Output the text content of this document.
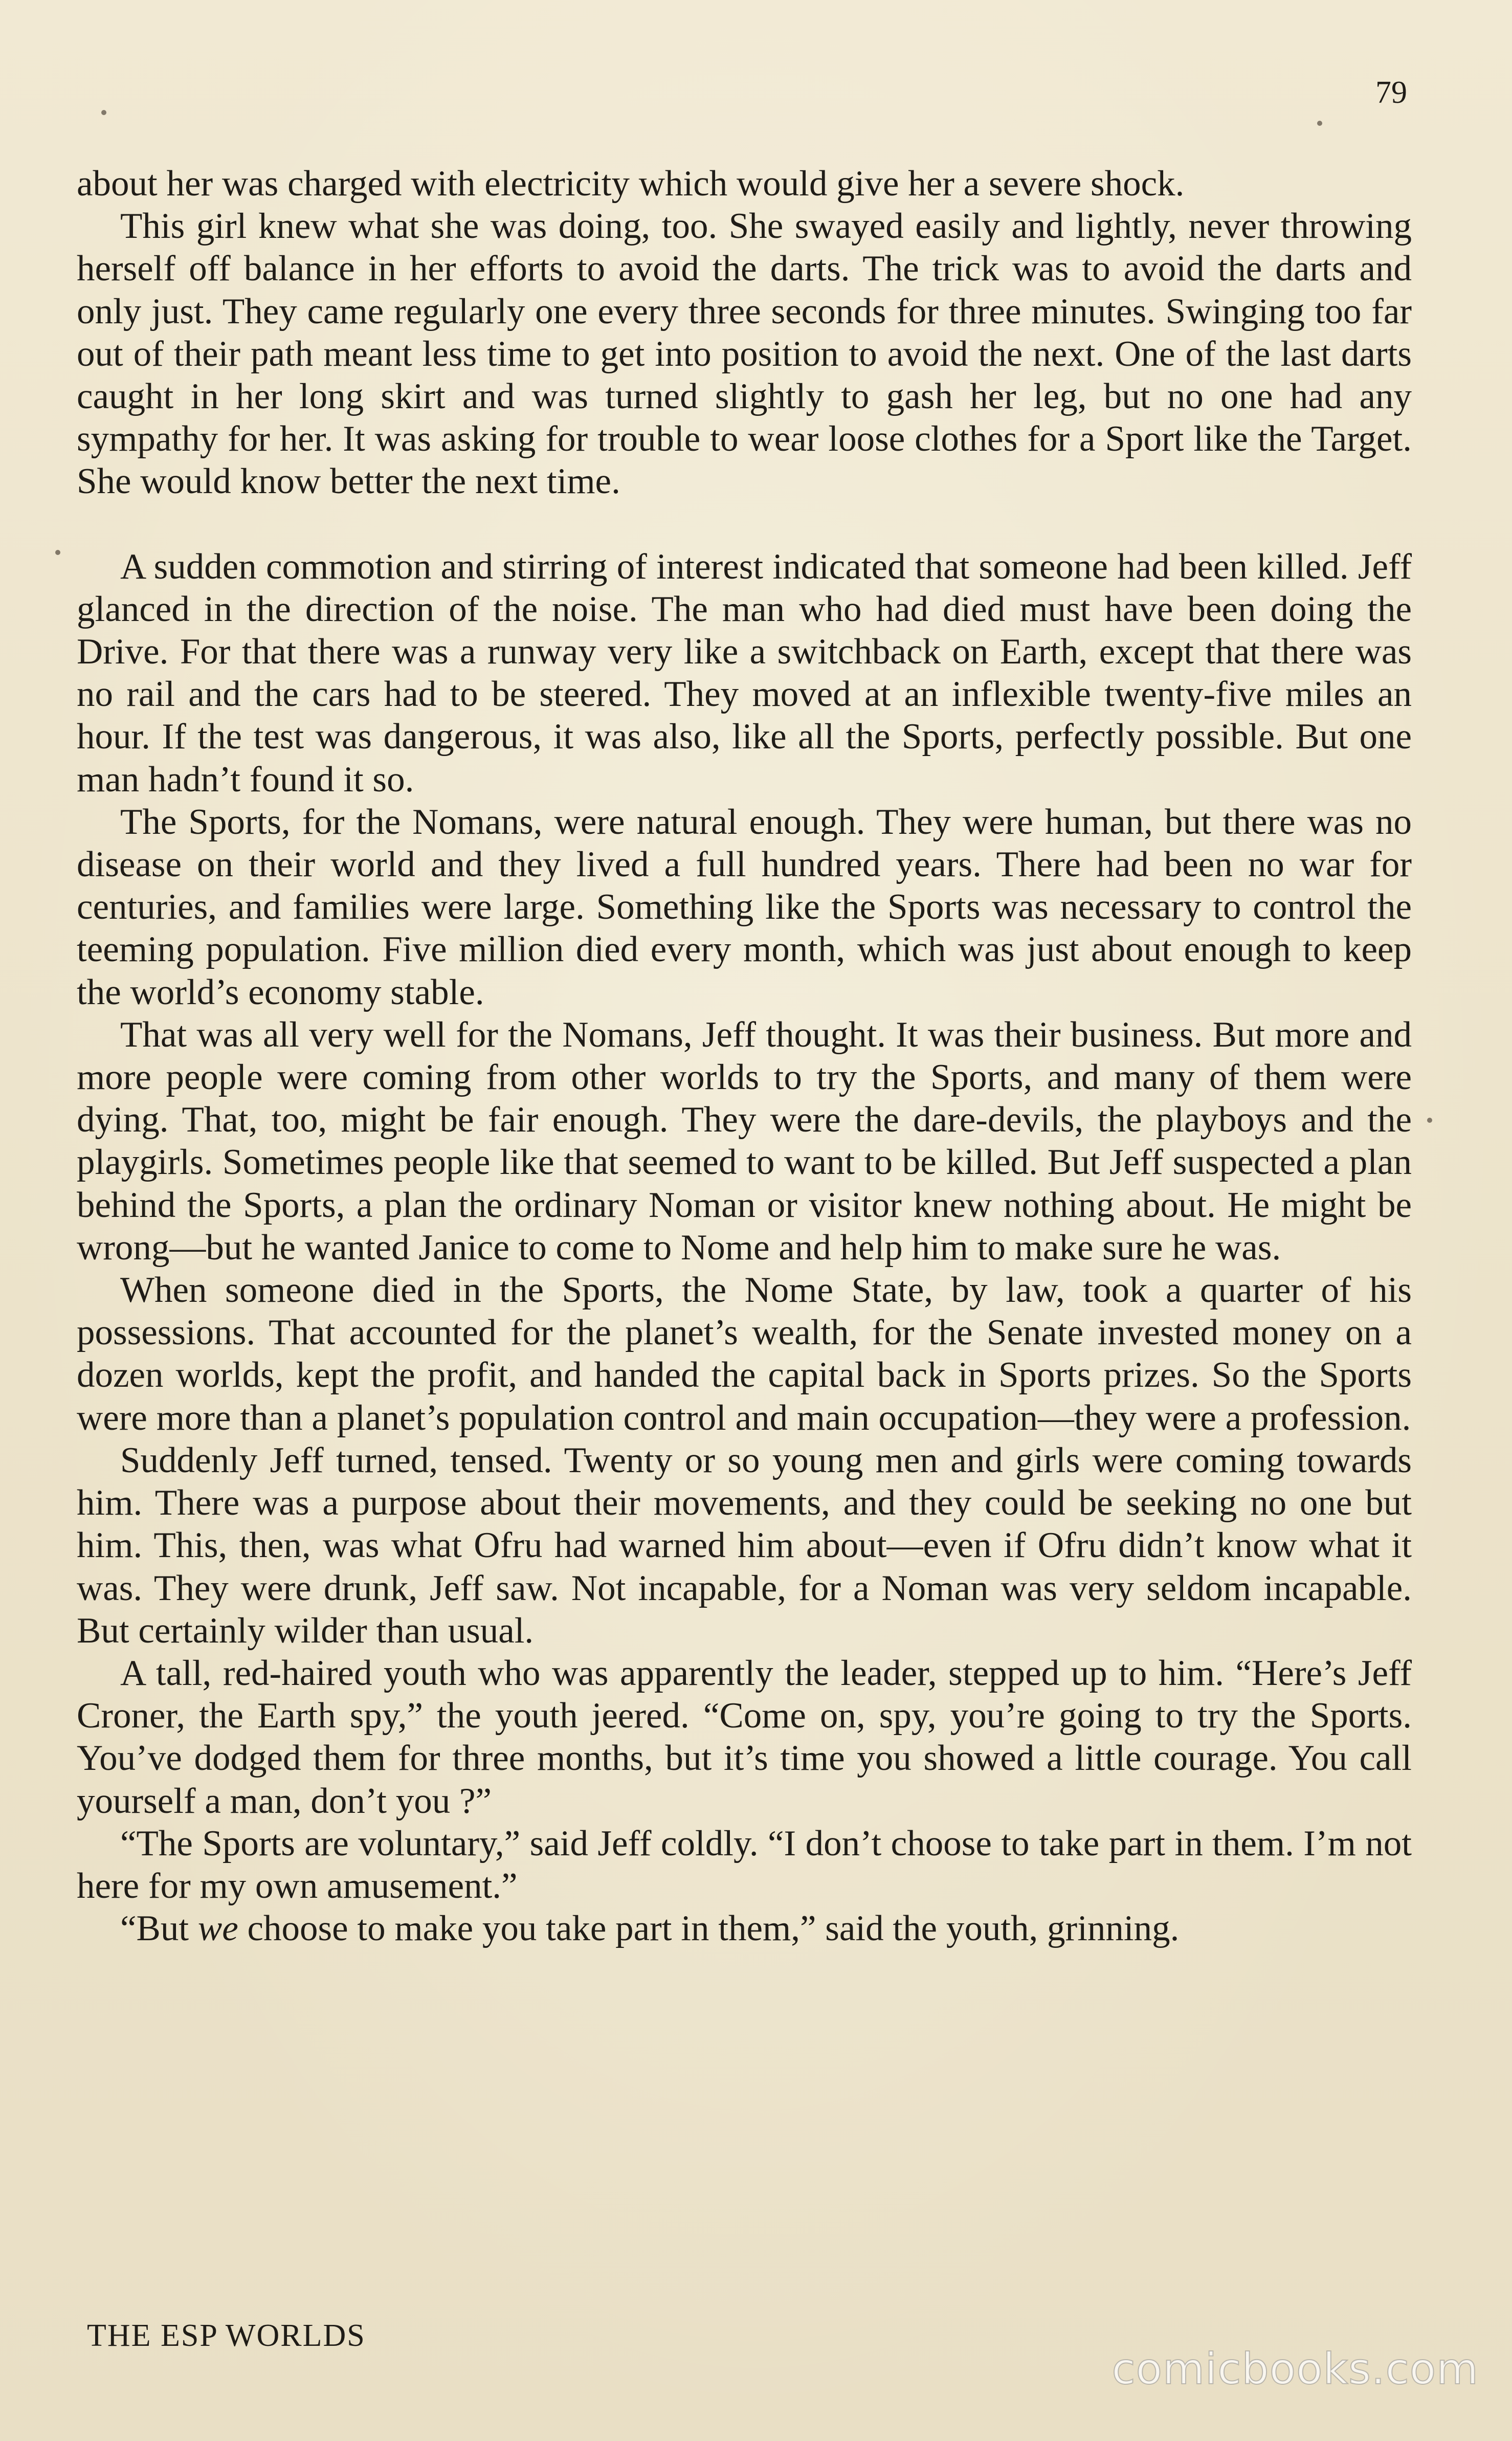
79

about her was charged with electricity which would give her a severe shock.

This girl knew what she was doing, too. She swayed easily and lightly, never throwing herself off balance in her efforts to avoid the darts. The trick was to avoid the darts and only just. They came regularly one every three seconds for three minutes. Swinging too far out of their path meant less time to get into position to avoid the next. One of the last darts caught in her long skirt and was turned slightly to gash her leg, but no one had any sympathy for her. It was asking for trouble to wear loose clothes for a Sport like the Target. She would know better the next time.

A sudden commotion and stirring of interest indicated that someone had been killed. Jeff glanced in the direction of the noise. The man who had died must have been doing the Drive. For that there was a runway very like a switchback on Earth, except that there was no rail and the cars had to be steered. They moved at an inflexible twenty-five miles an hour. If the test was dangerous, it was also, like all the Sports, perfectly possible. But one man hadn’t found it so.

The Sports, for the Nomans, were natural enough. They were human, but there was no disease on their world and they lived a full hundred years. There had been no war for centuries, and families were large. Something like the Sports was necessary to control the teeming population. Five million died every month, which was just about enough to keep the world’s economy stable.

That was all very well for the Nomans, Jeff thought. It was their business. But more and more people were coming from other worlds to try the Sports, and many of them were dying. That, too, might be fair enough. They were the dare-devils, the playboys and the playgirls. Sometimes people like that seemed to want to be killed. But Jeff suspected a plan behind the Sports, a plan the ordinary Noman or visitor knew nothing about. He might be wrong—but he wanted Janice to come to Nome and help him to make sure he was.

When someone died in the Sports, the Nome State, by law, took a quarter of his possessions. That accounted for the planet’s wealth, for the Senate invested money on a dozen worlds, kept the profit, and handed the capital back in Sports prizes. So the Sports were more than a planet’s population control and main occupation—they were a profession.

Suddenly Jeff turned, tensed. Twenty or so young men and girls were coming towards him. There was a purpose about their movements, and they could be seeking no one but him. This, then, was what Ofru had warned him about—even if Ofru didn’t know what it was. They were drunk, Jeff saw. Not incapable, for a Noman was very seldom incapable. But certainly wilder than usual.

A tall, red-haired youth who was apparently the leader, stepped up to him. “Here’s Jeff Croner, the Earth spy,” the youth jeered. “Come on, spy, you’re going to try the Sports. You’ve dodged them for three months, but it’s time you showed a little courage. You call yourself a man, don’t you ?”

“The Sports are voluntary,” said Jeff coldly. “I don’t choose to take part in them. I’m not here for my own amusement.”

“But we choose to make you take part in them,” said the youth, grinning.

THE ESP WORLDS
comicbooks.com
